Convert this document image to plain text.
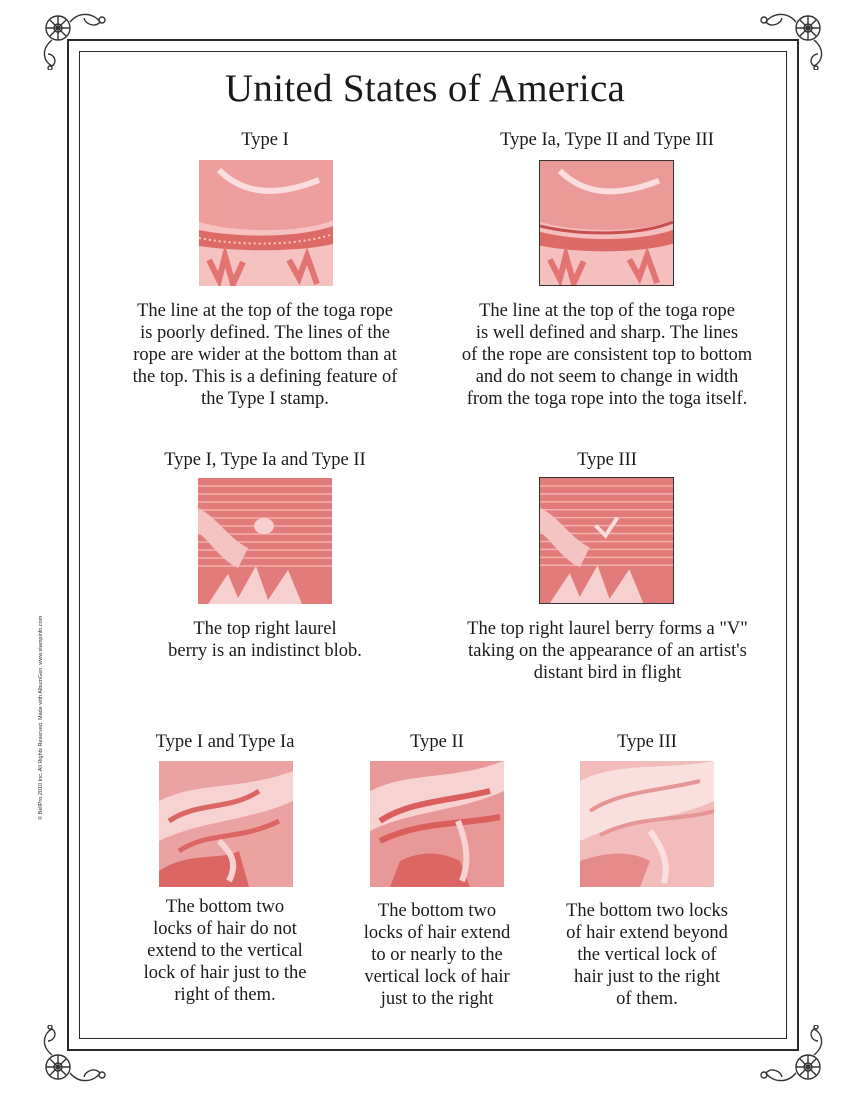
© BellPro 2010 Inc. All Rights Reserved. Made with AlbumGen. www.stampinfo.com
United States of America
Type I
The line at the top of the toga rope
is poorly defined. The lines of the
rope are wider at the bottom than at
the top. This is a defining feature of
the Type I stamp.
Type Ia, Type II and Type III
The line at the top of the toga rope
is well defined and sharp. The lines
of the rope are consistent top to bottom
and do not seem to change in width
from the toga rope into the toga itself.
Type I, Type Ia and Type II
The top right laurel
berry is an indistinct blob.
Type III
The top right laurel berry forms a "V"
taking on the appearance of an artist's
distant bird in flight
Type I and Type Ia
The bottom two
locks of hair do not
extend to the vertical
lock of hair just to the
right of them.
Type II
The bottom two
locks of hair extend
to or nearly to the
vertical lock of hair
just to the right
Type III
The bottom two locks
of hair extend beyond
the vertical lock of
hair just to the right
of them.
